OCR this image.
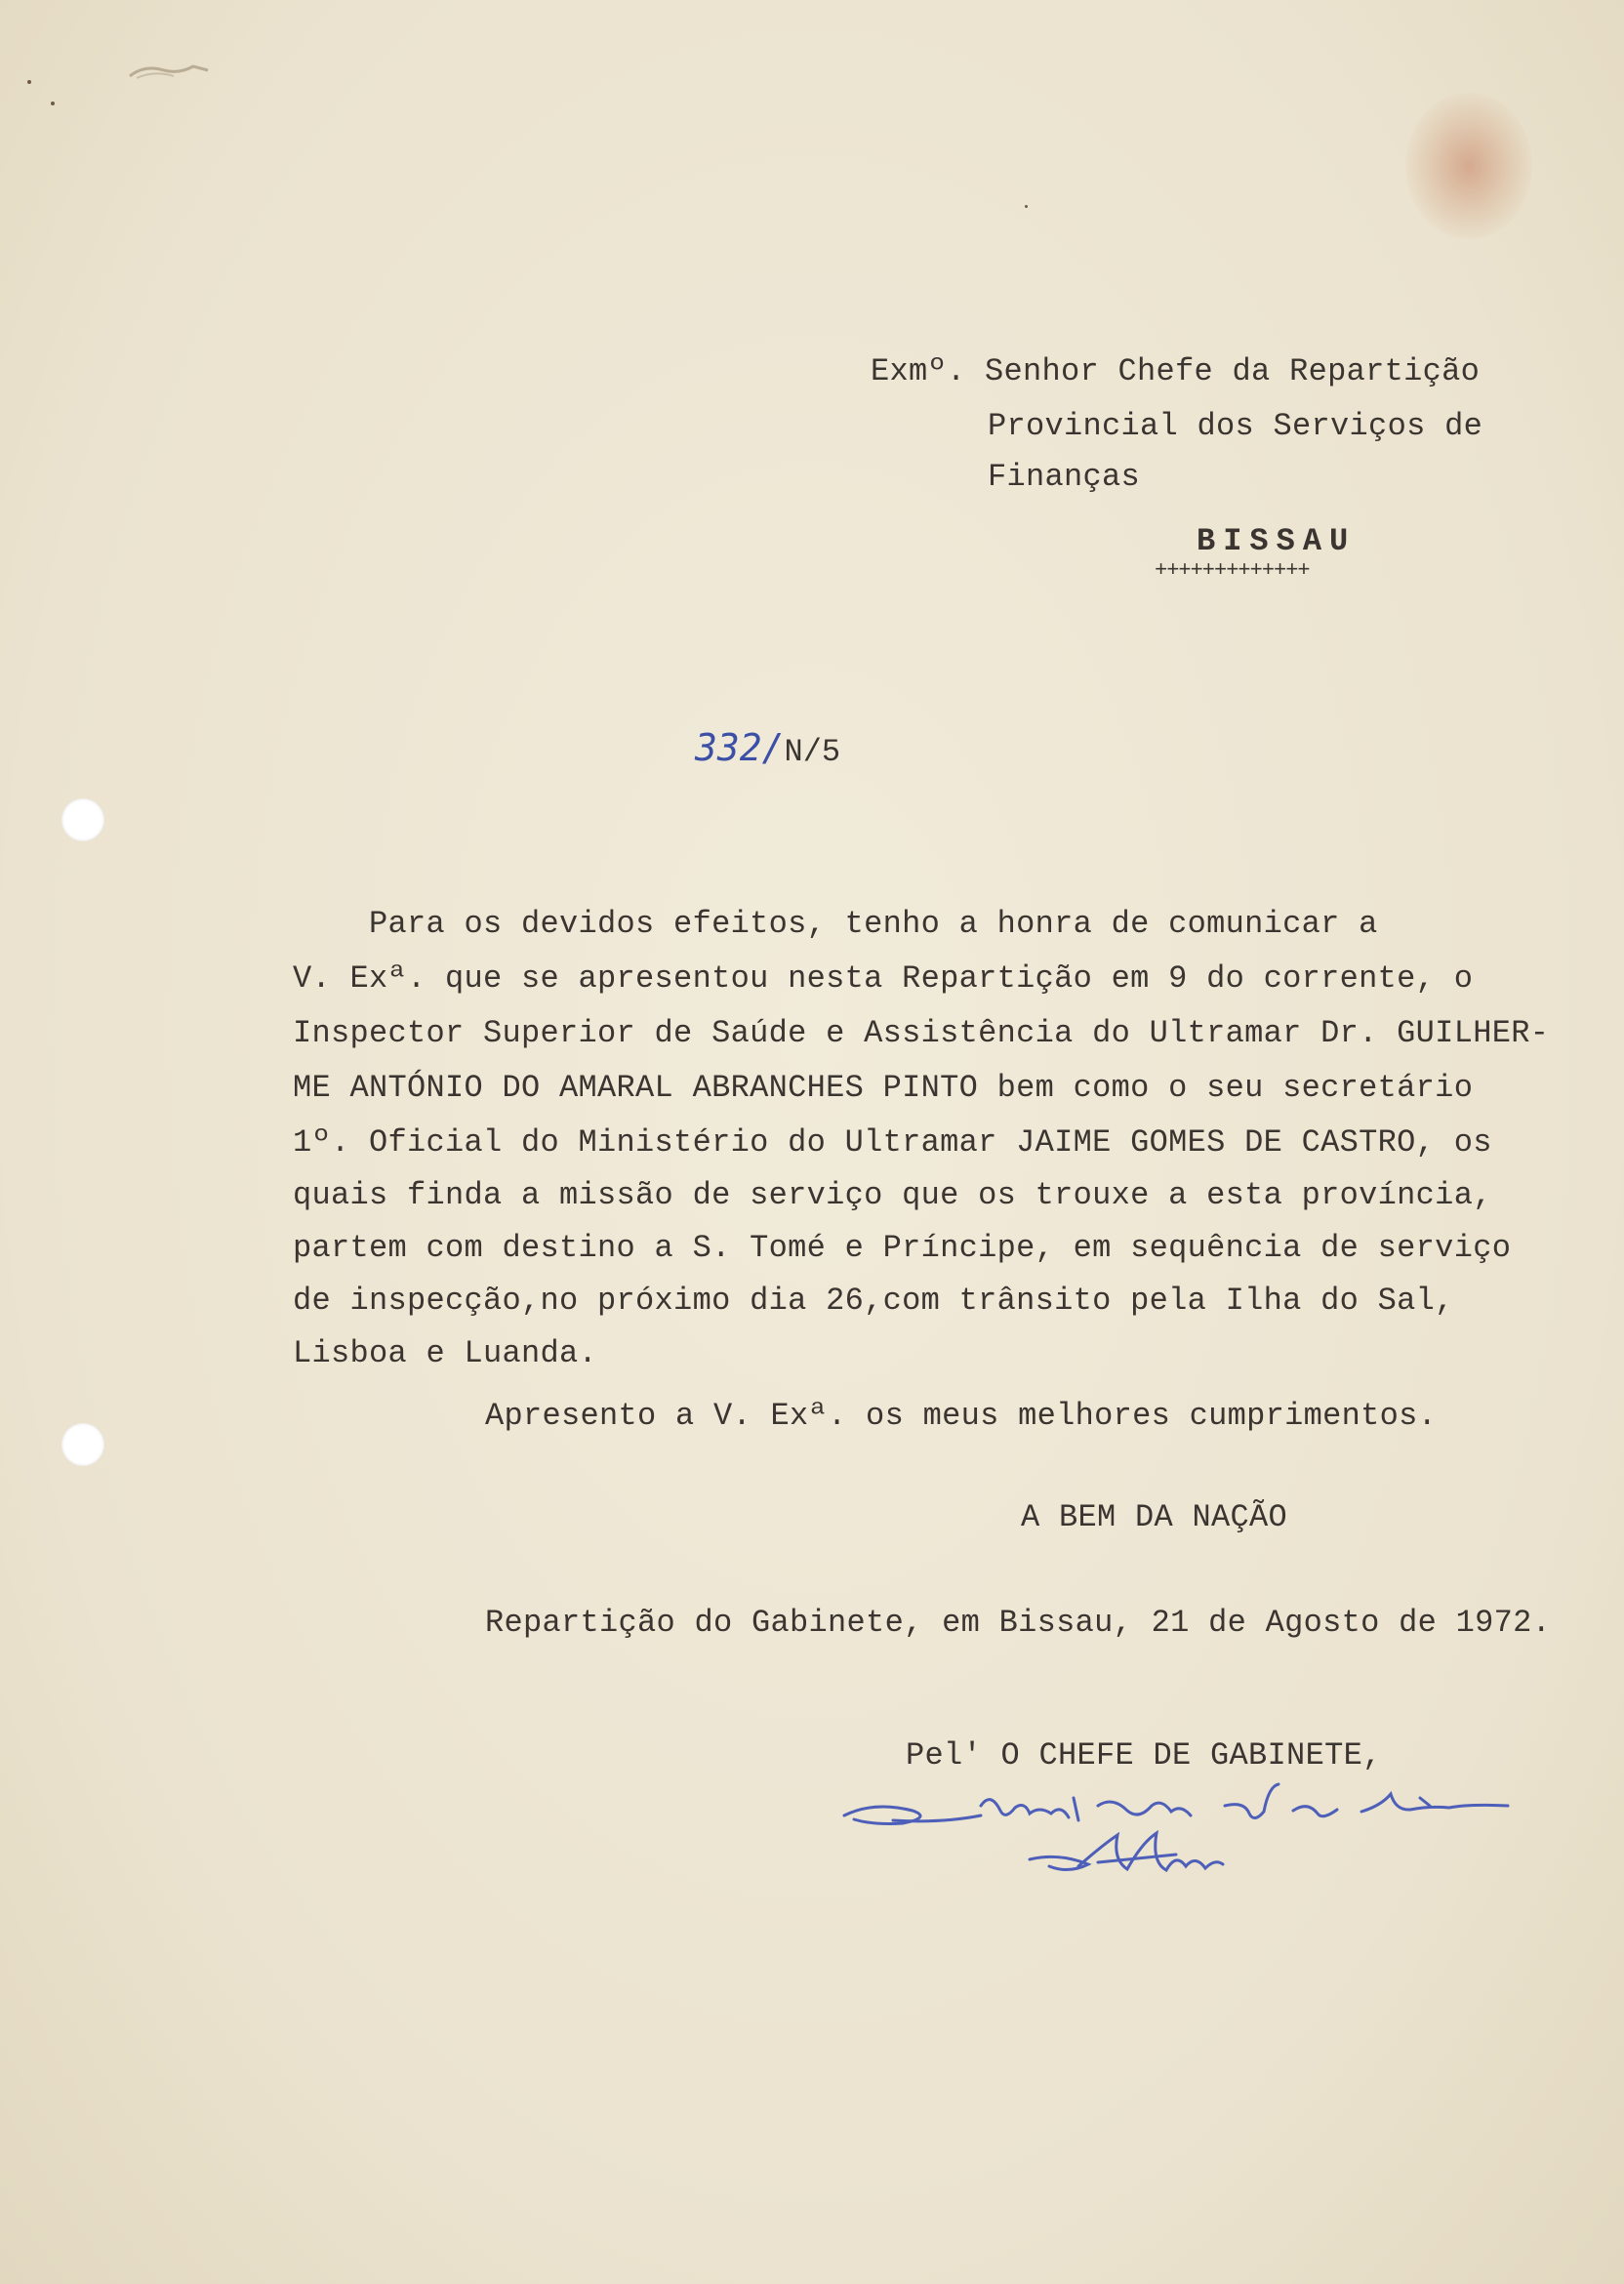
Exmº. Senhor Chefe da Repartição
Provincial dos Serviços de
Finanças
BISSAU
+++++++++++++
332/N/5
Para os devidos efeitos, tenho a honra de comunicar a
V. Exª. que se apresentou nesta Repartição em 9 do corrente, o
Inspector Superior de Saúde e Assistência do Ultramar Dr. GUILHER-
ME ANTÓNIO DO AMARAL ABRANCHES PINTO bem como o seu secretário
1º. Oficial do Ministério do Ultramar JAIME GOMES DE CASTRO, os
quais finda a missão de serviço que os trouxe a esta província,
partem com destino a S. Tomé e Príncipe, em sequência de serviço
de inspecção,no próximo dia 26,com trânsito pela Ilha do Sal,
Lisboa e Luanda.
Apresento a V. Exª. os meus melhores cumprimentos.
A BEM DA NAÇÃO
Repartição do Gabinete, em Bissau, 21 de Agosto de 1972.
Pel' O CHEFE DE GABINETE,
